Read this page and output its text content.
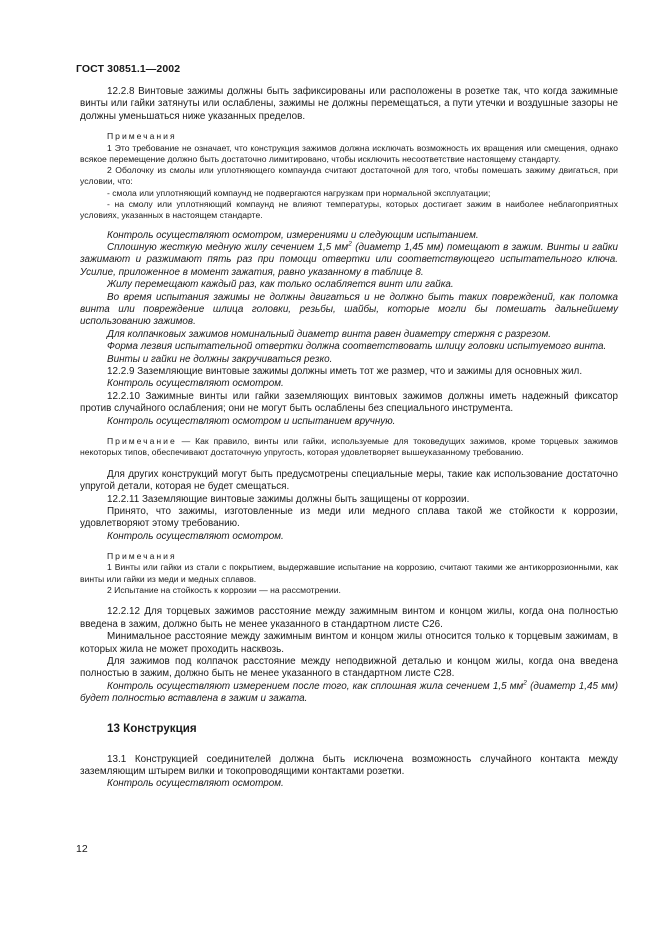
ГОСТ 30851.1—2002

12.2.8 Винтовые зажимы должны быть зафиксированы или расположены в розетке так, что когда зажимные винты или гайки затянуты или ослаблены, зажимы не должны перемещаться, а пути утечки и воздушные зазоры не должны уменьшаться ниже указанных пределов.

Примечания

1 Это требование не означает, что конструкция зажимов должна исключать возможность их вращения или смещения, однако всякое перемещение должно быть достаточно лимитировано, чтобы исключить несоответствие настоящему стандарту.

2 Оболочку из смолы или уплотняющего компаунда считают достаточной для того, чтобы помешать зажиму двигаться, при условии, что:

- смола или уплотняющий компаунд не подвергаются нагрузкам при нормальной эксплуатации;

- на смолу или уплотняющий компаунд не влияют температуры, которых достигает зажим в наиболее неблагоприятных условиях, указанных в настоящем стандарте.

Контроль осуществляют осмотром, измерениями и следующим испытанием.

Сплошную жесткую медную жилу сечением 1,5 $мм^2$ (диаметр 1,45 мм) помещают в зажим. Винты и гайки зажимают и разжимают пять раз при помощи отвертки или соответствующего испытательного ключа. Усилие, приложенное в момент зажатия, равно указанному в таблице 8.

Жилу перемещают каждый раз, как только ослабляется винт или гайка.

Во время испытания зажимы не должны двигаться и не должно быть таких повреждений, как поломка винта или повреждение шлица головки, резьбы, шайбы, которые могли бы помешать дальнейшему использованию зажимов.

Для колпачковых зажимов номинальный диаметр винта равен диаметру стержня с разрезом.

Форма лезвия испытательной отвертки должна соответствовать шлицу головки испытуемого винта.

Винты и гайки не должны закручиваться резко.

12.2.9 Заземляющие винтовые зажимы должны иметь тот же размер, что и зажимы для основных жил.

Контроль осуществляют осмотром.

12.2.10 Зажимные винты или гайки заземляющих винтовых зажимов должны иметь надежный фиксатор против случайного ослабления; они не могут быть ослаблены без специального инструмента.

Контроль осуществляют осмотром и испытанием вручную.

Примечание — Как правило, винты или гайки, используемые для токоведущих зажимов, кроме торцевых зажимов некоторых типов, обеспечивают достаточную упругость, которая удовлетворяет вышеуказанному требованию.

Для других конструкций могут быть предусмотрены специальные меры, такие как использование достаточно упругой детали, которая не будет смещаться.

12.2.11 Заземляющие винтовые зажимы должны быть защищены от коррозии.

Принято, что зажимы, изготовленные из меди или медного сплава такой же стойкости к коррозии, удовлетворяют этому требованию.

Контроль осуществляют осмотром.

Примечания

1 Винты или гайки из стали с покрытием, выдержавшие испытание на коррозию, считают такими же антикоррозионными, как винты или гайки из меди и медных сплавов.

2 Испытание на стойкость к коррозии — на рассмотрении.

12.2.12 Для торцевых зажимов расстояние между зажимным винтом и концом жилы, когда она полностью введена в зажим, должно быть не менее указанного в стандартном листе С26.

Минимальное расстояние между зажимным винтом и концом жилы относится только к торцевым зажимам, в которых жила не может проходить насквозь.

Для зажимов под колпачок расстояние между неподвижной деталью и концом жилы, когда она введена полностью в зажим, должно быть не менее указанного в стандартном листе С28.

Контроль осуществляют измерением после того, как сплошная жила сечением 1,5 $мм^2$ (диаметр 1,45 мм) будет полностью вставлена в зажим и зажата.

13 Конструкция

13.1 Конструкцией соединителей должна быть исключена возможность случайного контакта между заземляющим штырем вилки и токопроводящими контактами розетки.

Контроль осуществляют осмотром.

12
